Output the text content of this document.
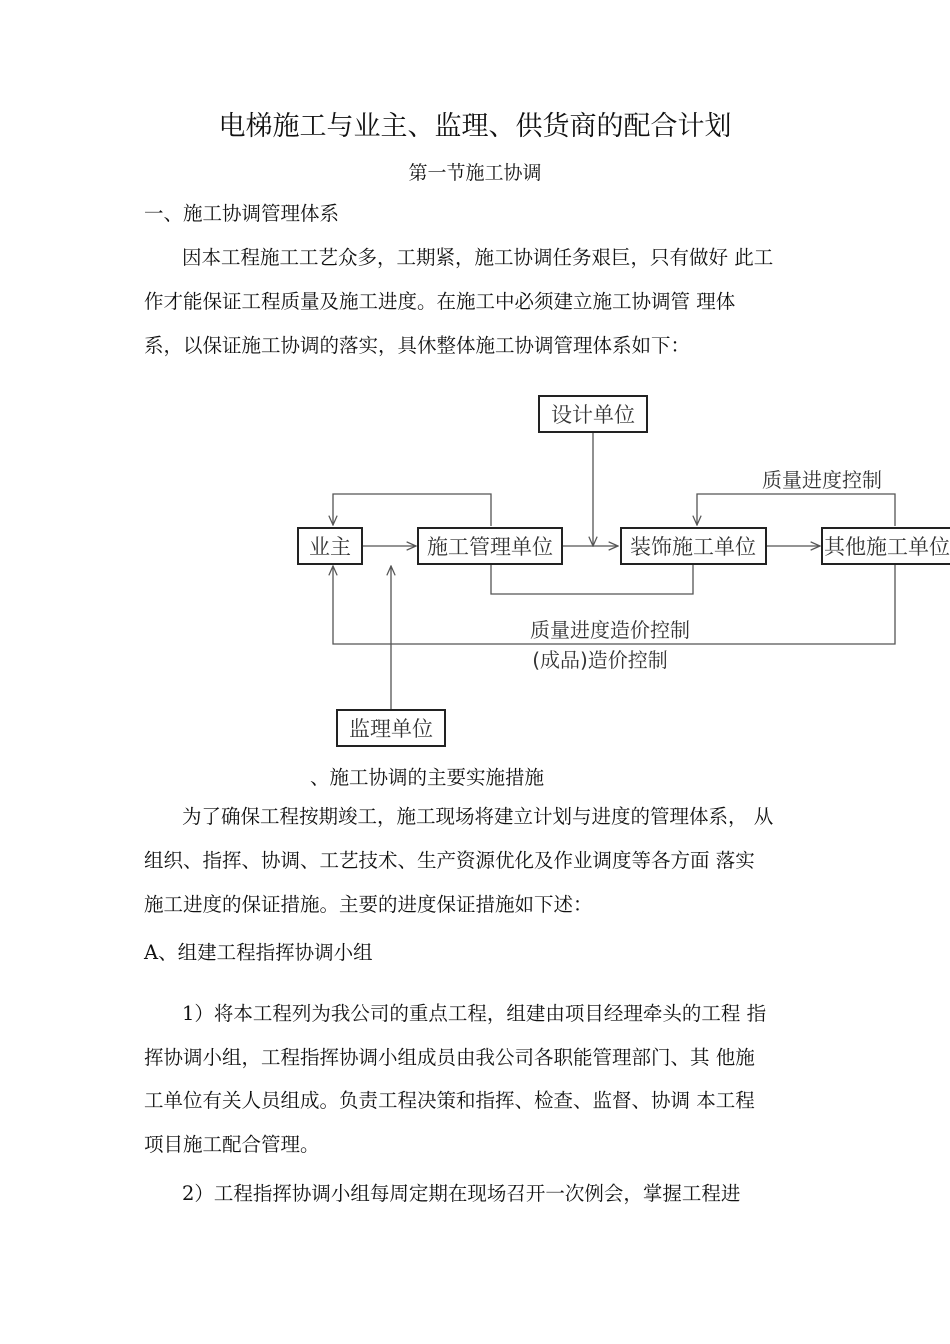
电梯施工与业主、监理、供货商的配合计划
第一节施工协调
一、施工协调管理体系
因本工程施工工艺众多，工期紧，施工协调任务艰巨，只有做好 此工
作才能保证工程质量及施工进度。在施工中必须建立施工协调管 理体
系，以保证施工协调的落实，具休整体施工协调管理体系如下：
设计单位
业主	施工管理单位	装饰施工单位	其他施工单位
监理单位
质量进度控制
质量进度造价控制
(成品)造价控制
、施工协调的主要实施措施
为了确保工程按期竣工，施工现场将建立计划与进度的管理体系， 从
组织、指挥、协调、工艺技术、生产资源优化及作业调度等各方面 落实
施工进度的保证措施。主要的进度保证措施如下述：
A、组建工程指挥协调小组
1）将本工程列为我公司的重点工程，组建由项目经理牵头的工程 指
挥协调小组，工程指挥协调小组成员由我公司各职能管理部门、其 他施
工单位有关人员组成。负责工程决策和指挥、检查、监督、协调 本工程
项目施工配合管理。
2）工程指挥协调小组每周定期在现场召开一次例会，掌握工程进
